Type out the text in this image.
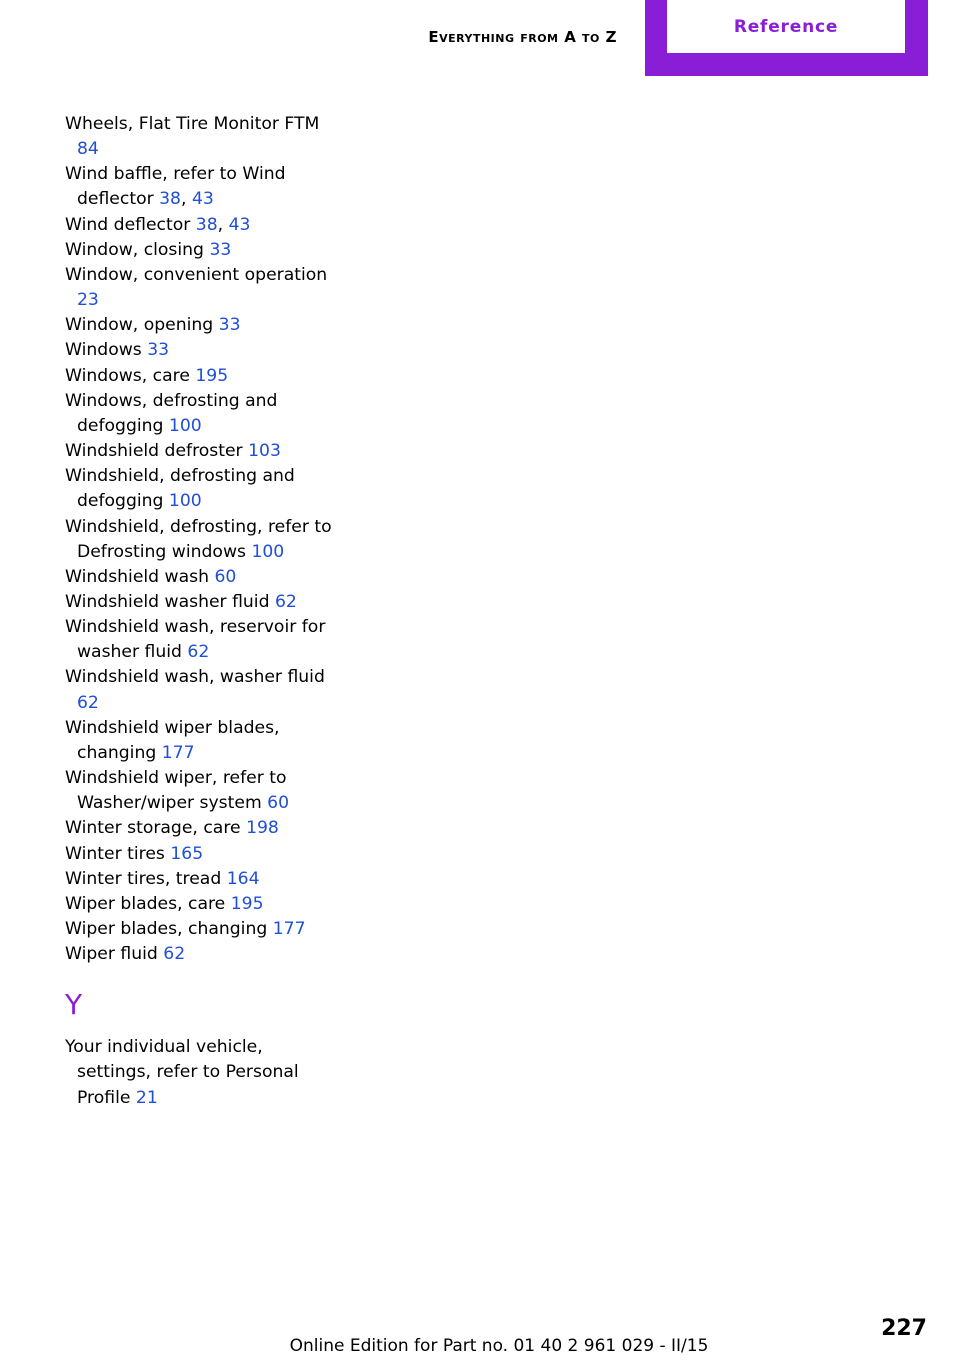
Everything from A to Z
Reference
Wheels, Flat Tire Monitor FTM 84
Wind baffle, refer to Wind deflector 38, 43
Wind deflector 38, 43
Window, closing 33
Window, convenient operation 23
Window, opening 33
Windows 33
Windows, care 195
Windows, defrosting and defogging 100
Windshield defroster 103
Windshield, defrosting and defogging 100
Windshield, defrosting, refer to Defrosting windows 100
Windshield wash 60
Windshield washer fluid 62
Windshield wash, reservoir for washer fluid 62
Windshield wash, washer fluid 62
Windshield wiper blades, changing 177
Windshield wiper, refer to Washer/wiper system 60
Winter storage, care 198
Winter tires 165
Winter tires, tread 164
Wiper blades, care 195
Wiper blades, changing 177
Wiper fluid 62
Y
Your individual vehicle, settings, refer to Personal Profile 21
227
Online Edition for Part no. 01 40 2 961 029 - II/15
